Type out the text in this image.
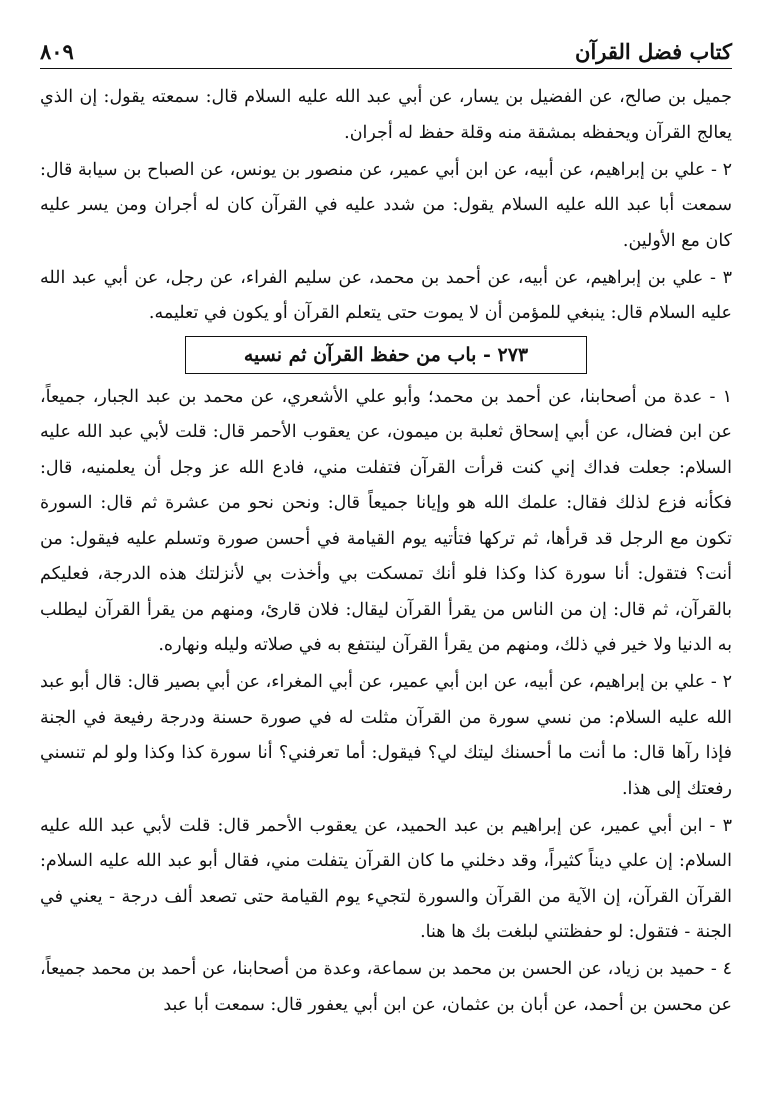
كتاب فضل القرآن
٨٠٩

جميل بن صالح، عن الفضيل بن يسار، عن أبي عبد الله عليه السلام قال: سمعته يقول: إن الذي يعالج القرآن ويحفظه بمشقة منه وقلة حفظ له أجران.

٢ - علي بن إبراهيم، عن أبيه، عن ابن أبي عمير، عن منصور بن يونس، عن الصباح بن سيابة قال: سمعت أبا عبد الله عليه السلام يقول: من شدد عليه في القرآن كان له أجران ومن يسر عليه كان مع الأولين.

٣ - علي بن إبراهيم، عن أبيه، عن أحمد بن محمد، عن سليم الفراء، عن رجل، عن أبي عبد الله عليه السلام قال: ينبغي للمؤمن أن لا يموت حتى يتعلم القرآن أو يكون في تعليمه.

٢٧٣ - باب من حفظ القرآن ثم نسيه

١ - عدة من أصحابنا، عن أحمد بن محمد؛ وأبو علي الأشعري، عن محمد بن عبد الجبار، جميعاً، عن ابن فضال، عن أبي إسحاق ثعلبة بن ميمون، عن يعقوب الأحمر قال: قلت لأبي عبد الله عليه السلام: جعلت فداك إني كنت قرأت القرآن فتفلت مني، فادع الله عز وجل أن يعلمنيه، قال: فكأنه فزع لذلك فقال: علمك الله هو وإيانا جميعاً قال: ونحن نحو من عشرة ثم قال: السورة تكون مع الرجل قد قرأها، ثم تركها فتأتيه يوم القيامة في أحسن صورة وتسلم عليه فيقول: من أنت؟ فتقول: أنا سورة كذا وكذا فلو أنك تمسكت بي وأخذت بي لأنزلتك هذه الدرجة، فعليكم بالقرآن، ثم قال: إن من الناس من يقرأ القرآن ليقال: فلان قارئ، ومنهم من يقرأ القرآن ليطلب به الدنيا ولا خير في ذلك، ومنهم من يقرأ القرآن لينتفع به في صلاته وليله ونهاره.

٢ - علي بن إبراهيم، عن أبيه، عن ابن أبي عمير، عن أبي المغراء، عن أبي بصير قال: قال أبو عبد الله عليه السلام: من نسي سورة من القرآن مثلت له في صورة حسنة ودرجة رفيعة في الجنة فإذا رآها قال: ما أنت ما أحسنك ليتك لي؟ فيقول: أما تعرفني؟ أنا سورة كذا وكذا ولو لم تنسني رفعتك إلى هذا.

٣ - ابن أبي عمير، عن إبراهيم بن عبد الحميد، عن يعقوب الأحمر قال: قلت لأبي عبد الله عليه السلام: إن علي ديناً كثيراً، وقد دخلني ما كان القرآن يتفلت مني، فقال أبو عبد الله عليه السلام: القرآن القرآن، إن الآية من القرآن والسورة لتجيء يوم القيامة حتى تصعد ألف درجة - يعني في الجنة - فتقول: لو حفظتني لبلغت بك ها هنا.

٤ - حميد بن زياد، عن الحسن بن محمد بن سماعة، وعدة من أصحابنا، عن أحمد بن محمد جميعاً، عن محسن بن أحمد، عن أبان بن عثمان، عن ابن أبي يعفور قال: سمعت أبا عبد
